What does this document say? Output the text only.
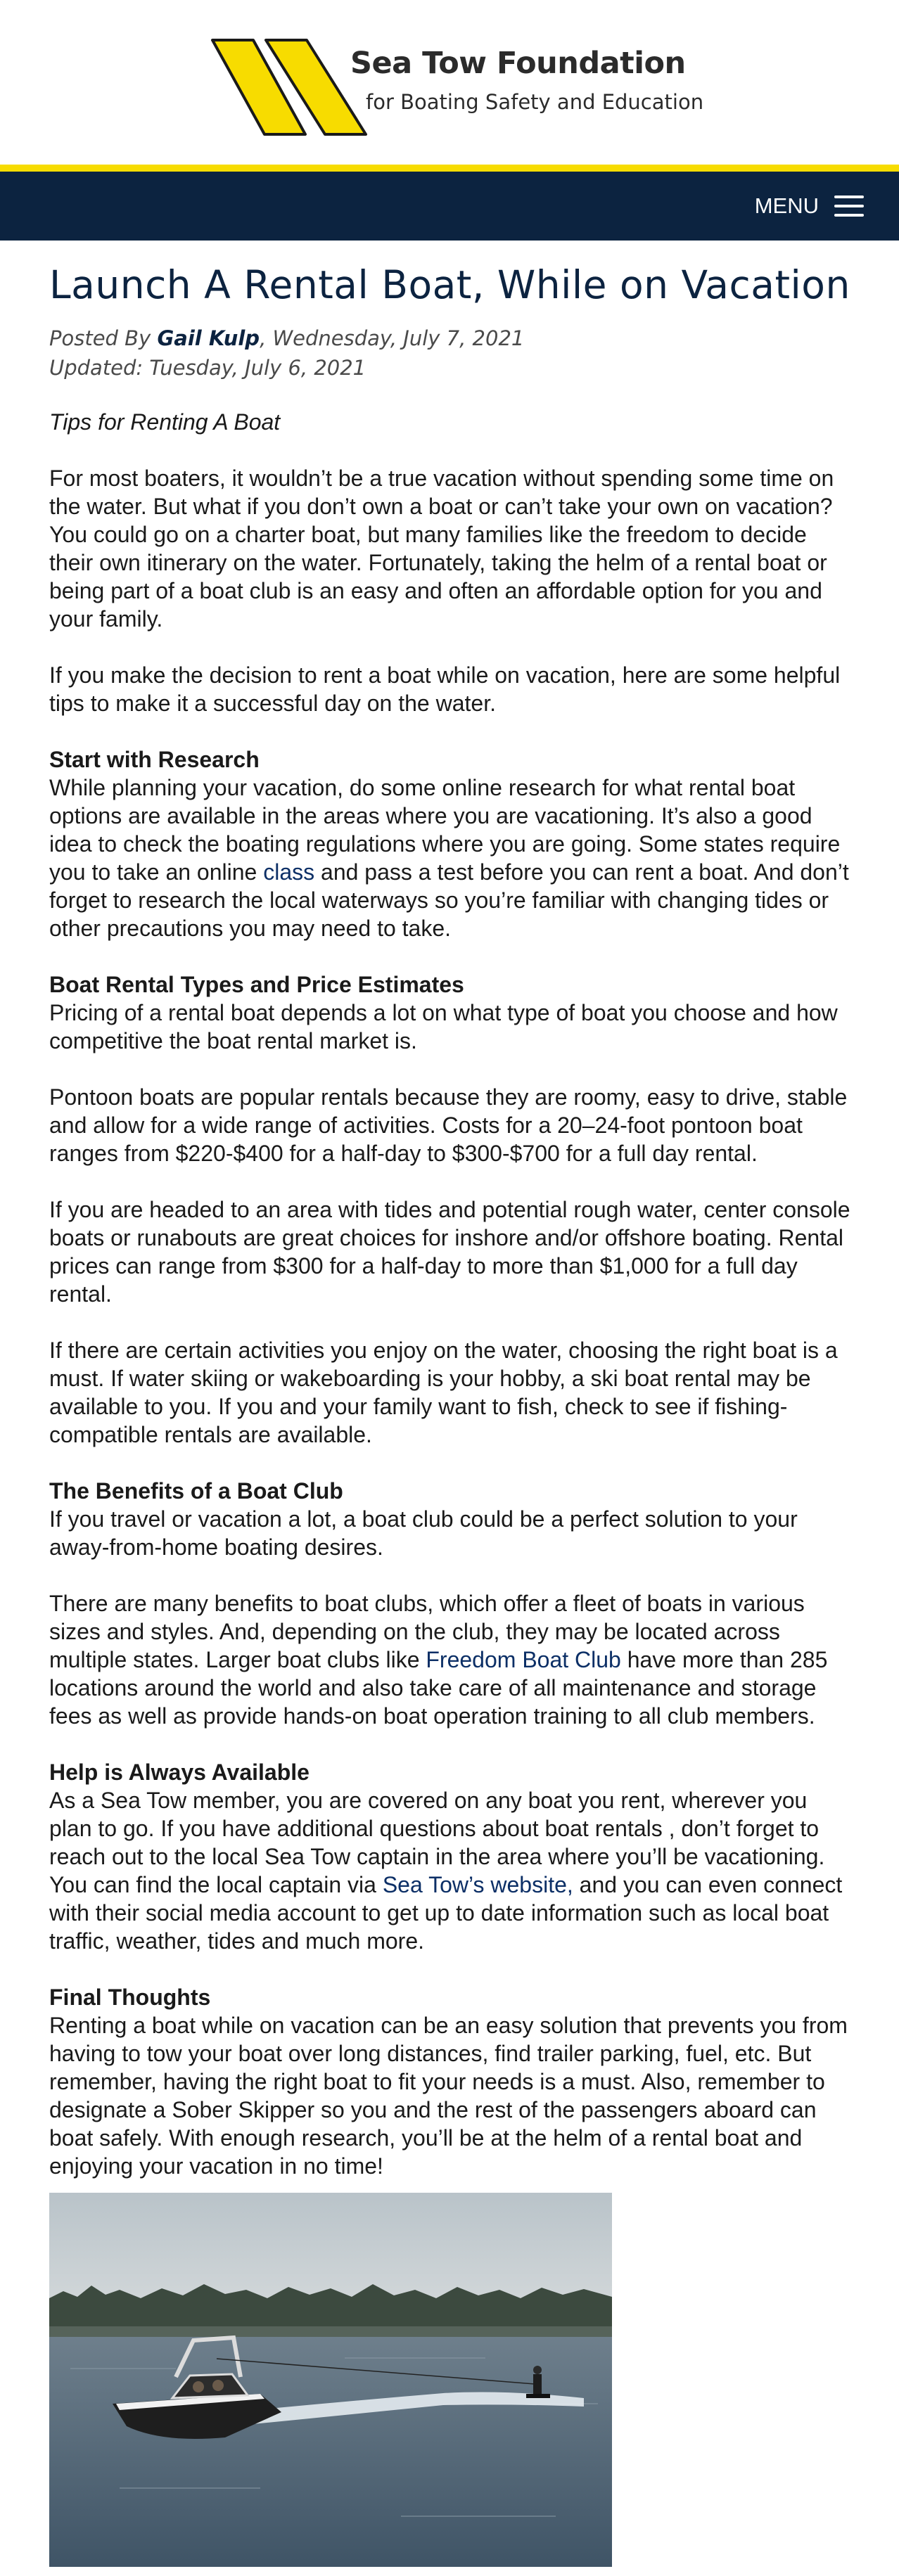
Sea Tow Foundation
for Boating Safety and Education
MENU
Launch A Rental Boat, While on Vacation
Posted By Gail Kulp, Wednesday, July 7, 2021
Updated: Tuesday, July 6, 2021
Tips for Renting A Boat

For most boaters, it wouldn’t be a true vacation without spending some time on the water. But what if you don’t own a boat or can’t take your own on vacation? You could go on a charter boat, but many families like the freedom to decide their own itinerary on the water. Fortunately, taking the helm of a rental boat or being part of a boat club is an easy and often an affordable option for you and your family.

If you make the decision to rent a boat while on vacation, here are some helpful tips to make it a successful day on the water.

Start with Research

While planning your vacation, do some online research for what rental boat options are available in the areas where you are vacationing. It’s also a good idea to check the boating regulations where you are going. Some states require you to take an online class and pass a test before you can rent a boat. And don’t forget to research the local waterways so you’re familiar with changing tides or other precautions you may need to take.

Boat Rental Types and Price Estimates

Pricing of a rental boat depends a lot on what type of boat you choose and how competitive the boat rental market is.

Pontoon boats are popular rentals because they are roomy, easy to drive, stable and allow for a wide range of activities. Costs for a 20–24-foot pontoon boat ranges from $220-$400 for a half-day to $300-$700 for a full day rental.

If you are headed to an area with tides and potential rough water, center console boats or runabouts are great choices for inshore and/or offshore boating. Rental prices can range from $300 for a half-day to more than $1,000 for a full day rental.

If there are certain activities you enjoy on the water, choosing the right boat is a must. If water skiing or wakeboarding is your hobby, a ski boat rental may be available to you. If you and your family want to fish, check to see if fishing-compatible rentals are available.

The Benefits of a Boat Club

If you travel or vacation a lot, a boat club could be a perfect solution to your away-from-home boating desires.

There are many benefits to boat clubs, which offer a fleet of boats in various sizes and styles. And, depending on the club, they may be located across multiple states. Larger boat clubs like Freedom Boat Club have more than 285 locations around the world and also take care of all maintenance and storage fees as well as provide hands-on boat operation training to all club members.

Help is Always Available

As a Sea Tow member, you are covered on any boat you rent, wherever you plan to go. If you have additional questions about boat rentals , don’t forget to reach out to the local Sea Tow captain in the area where you’ll be vacationing. You can find the local captain via Sea Tow’s website, and you can even connect with their social media account to get up to date information such as local boat traffic, weather, tides and much more.

Final Thoughts

Renting a boat while on vacation can be an easy solution that prevents you from having to tow your boat over long distances, find trailer parking, fuel, etc. But remember, having the right boat to fit your needs is a must. Also, remember to designate a Sober Skipper so you and the rest of the passengers aboard can boat safely. With enough research, you’ll be at the helm of a rental boat and enjoying your vacation in no time!
